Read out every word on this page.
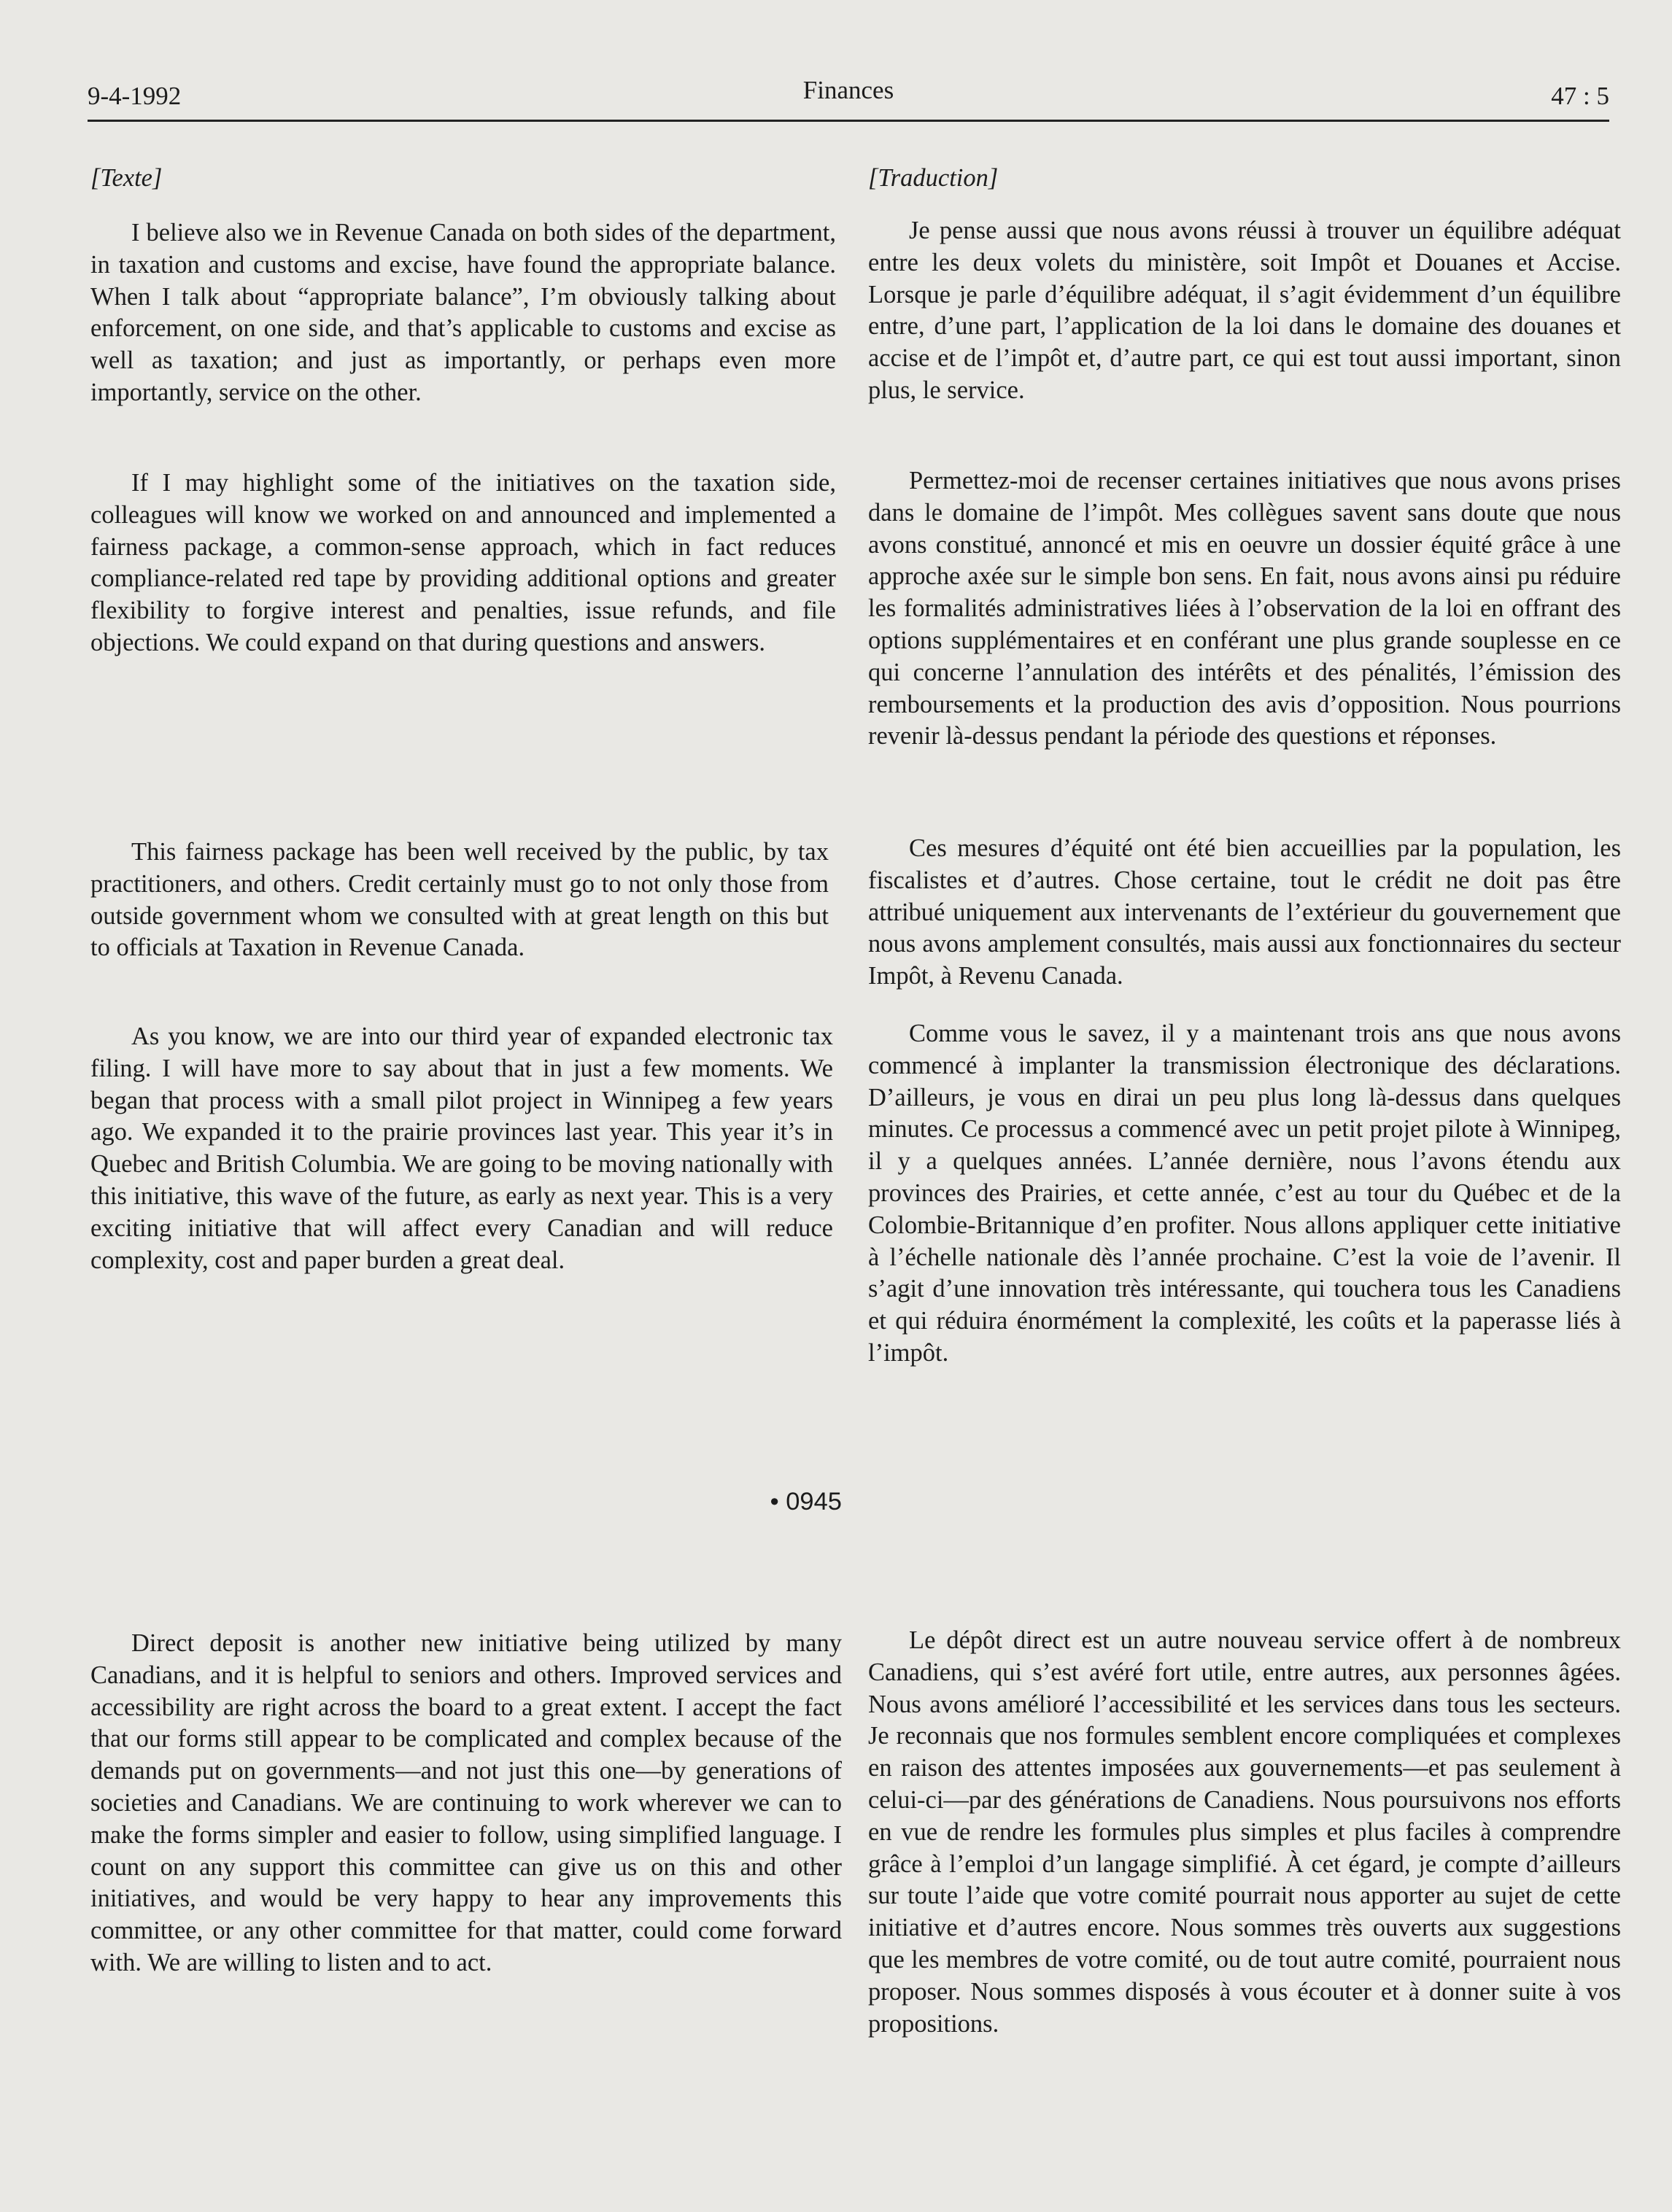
9-4-1992	Finances	47 : 5

[Texte]

I believe also we in Revenue Canada on both sides of the department, in taxation and customs and excise, have found the appropriate balance. When I talk about “appropriate balance”, I’m obviously talking about enforcement, on one side, and that’s applicable to customs and excise as well as taxation; and just as importantly, or perhaps even more importantly, service on the other.

If I may highlight some of the initiatives on the taxation side, colleagues will know we worked on and announced and implemented a fairness package, a common-sense approach, which in fact reduces compliance-related red tape by providing additional options and greater flexibility to forgive interest and penalties, issue refunds, and file objections. We could expand on that during questions and answers.

This fairness package has been well received by the public, by tax practitioners, and others. Credit certainly must go to not only those from outside government whom we consulted with at great length on this but to officials at Taxation in Revenue Canada.

As you know, we are into our third year of expanded electronic tax filing. I will have more to say about that in just a few moments. We began that process with a small pilot project in Winnipeg a few years ago. We expanded it to the prairie provinces last year. This year it’s in Quebec and British Columbia. We are going to be moving nationally with this initiative, this wave of the future, as early as next year. This is a very exciting initiative that will affect every Canadian and will reduce complexity, cost and paper burden a great deal.

• 0945

Direct deposit is another new initiative being utilized by many Canadians, and it is helpful to seniors and others. Improved services and accessibility are right across the board to a great extent. I accept the fact that our forms still appear to be complicated and complex because of the demands put on governments—and not just this one—by generations of societies and Canadians. We are continuing to work wherever we can to make the forms simpler and easier to follow, using simplified language. I count on any support this committee can give us on this and other initiatives, and would be very happy to hear any improvements this committee, or any other committee for that matter, could come forward with. We are willing to listen and to act.

[Traduction]

Je pense aussi que nous avons réussi à trouver un équilibre adéquat entre les deux volets du ministère, soit Impôt et Douanes et Accise. Lorsque je parle d’équilibre adéquat, il s’agit évidemment d’un équilibre entre, d’une part, l’application de la loi dans le domaine des douanes et accise et de l’impôt et, d’autre part, ce qui est tout aussi important, sinon plus, le service.

Permettez-moi de recenser certaines initiatives que nous avons prises dans le domaine de l’impôt. Mes collègues savent sans doute que nous avons constitué, annoncé et mis en oeuvre un dossier équité grâce à une approche axée sur le simple bon sens. En fait, nous avons ainsi pu réduire les formalités administratives liées à l’observation de la loi en offrant des options supplémentaires et en conférant une plus grande souplesse en ce qui concerne l’annulation des intérêts et des pénalités, l’émission des remboursements et la production des avis d’opposition. Nous pourrions revenir là-dessus pendant la période des questions et réponses.

Ces mesures d’équité ont été bien accueillies par la population, les fiscalistes et d’autres. Chose certaine, tout le crédit ne doit pas être attribué uniquement aux intervenants de l’extérieur du gouvernement que nous avons amplement consultés, mais aussi aux fonctionnaires du secteur Impôt, à Revenu Canada.

Comme vous le savez, il y a maintenant trois ans que nous avons commencé à implanter la transmission électronique des déclarations. D’ailleurs, je vous en dirai un peu plus long là-dessus dans quelques minutes. Ce processus a commencé avec un petit projet pilote à Winnipeg, il y a quelques années. L’année dernière, nous l’avons étendu aux provinces des Prairies, et cette année, c’est au tour du Québec et de la Colombie-Britannique d’en profiter. Nous allons appliquer cette initiative à l’échelle nationale dès l’année prochaine. C’est la voie de l’avenir. Il s’agit d’une innovation très intéressante, qui touchera tous les Canadiens et qui réduira énormément la complexité, les coûts et la paperasse liés à l’impôt.

Le dépôt direct est un autre nouveau service offert à de nombreux Canadiens, qui s’est avéré fort utile, entre autres, aux personnes âgées. Nous avons amélioré l’accessibilité et les services dans tous les secteurs. Je reconnais que nos formules semblent encore compliquées et complexes en raison des attentes imposées aux gouvernements—et pas seulement à celui-ci—par des générations de Canadiens. Nous poursuivons nos efforts en vue de rendre les formules plus simples et plus faciles à comprendre grâce à l’emploi d’un langage simplifié. À cet égard, je compte d’ailleurs sur toute l’aide que votre comité pourrait nous apporter au sujet de cette initiative et d’autres encore. Nous sommes très ouverts aux suggestions que les membres de votre comité, ou de tout autre comité, pourraient nous proposer. Nous sommes disposés à vous écouter et à donner suite à vos propositions.
